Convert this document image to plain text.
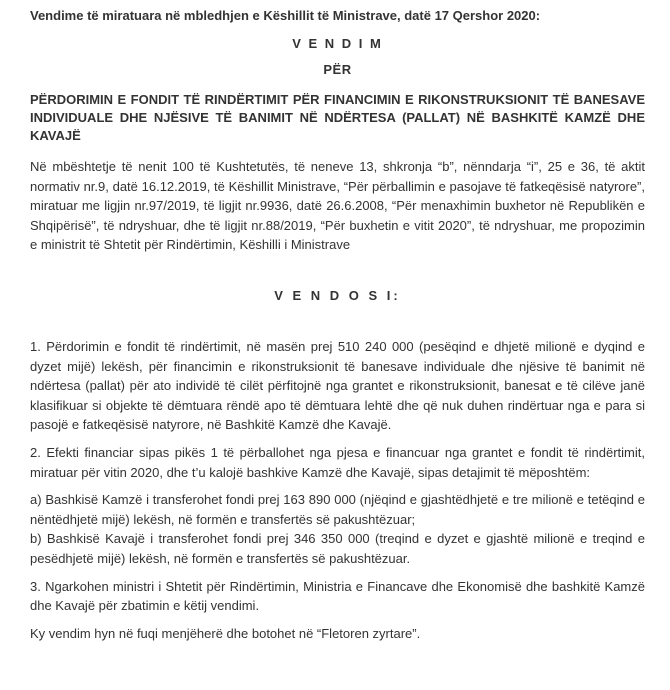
Vendime të miratuara në mbledhjen e Këshillit të Ministrave, datë 17 Qershor 2020:

V E N D I M

PËR

PËRDORIMIN E FONDIT TË RINDËRTIMIT PËR FINANCIMIN E RIKONSTRUKSIONIT TË BANESAVE INDIVIDUALE DHE NJËSIVE TË BANIMIT NË NDËRTESA (PALLAT) NË BASHKITË KAMZË DHE KAVAJË

Në mbështetje të nenit 100 të Kushtetutës, të neneve 13, shkronja “b”, nënndarja “i”, 25 e 36, të aktit normativ nr.9, datë 16.12.2019, të Këshillit Ministrave, “Për përballimin e pasojave të fatkeqësisë natyrore”, miratuar me ligjin nr.97/2019, të ligjit nr.9936, datë 26.6.2008, “Për menaxhimin buxhetor në Republikën e Shqipërisë”, të ndryshuar, dhe të ligjit nr.88/2019, “Për buxhetin e vitit 2020”, të ndryshuar, me propozimin e ministrit të Shtetit për Rindërtimin, Këshilli i Ministrave

V E N D O S I:

1. Përdorimin e fondit të rindërtimit, në masën prej 510 240 000 (pesëqind e dhjetë milionë e dyqind e dyzet mijë) lekësh, për financimin e rikonstruksionit të banesave individuale dhe njësive të banimit në ndërtesa (pallat) për ato individë të cilët përfitojnë nga grantet e rikonstruksionit, banesat e të cilëve janë klasifikuar si objekte të dëmtuara rëndë apo të dëmtuara lehtë dhe që nuk duhen rindërtuar nga e para si pasojë e fatkeqësisë natyrore, në Bashkitë Kamzë dhe Kavajë.

2. Efekti financiar sipas pikës 1 të përballohet nga pjesa e financuar nga grantet e fondit të rindërtimit, miratuar për vitin 2020, dhe t’u kalojë bashkive Kamzë dhe Kavajë, sipas detajimit të mëposhtëm:

a) Bashkisë Kamzë i transferohet fondi prej 163 890 000 (njëqind e gjashtëdhjetë e tre milionë e tetëqind e nëntëdhjetë mijë) lekësh, në formën e transfertës së pakushtëzuar;

b) Bashkisë Kavajë i transferohet fondi prej 346 350 000 (treqind e dyzet e gjashtë milionë e treqind e pesëdhjetë mijë) lekësh, në formën e transfertës së pakushtëzuar.

3. Ngarkohen ministri i Shtetit për Rindërtimin, Ministria e Financave dhe Ekonomisë dhe bashkitë Kamzë dhe Kavajë për zbatimin e këtij vendimi.

Ky vendim hyn në fuqi menjëherë dhe botohet në “Fletoren zyrtare”.
